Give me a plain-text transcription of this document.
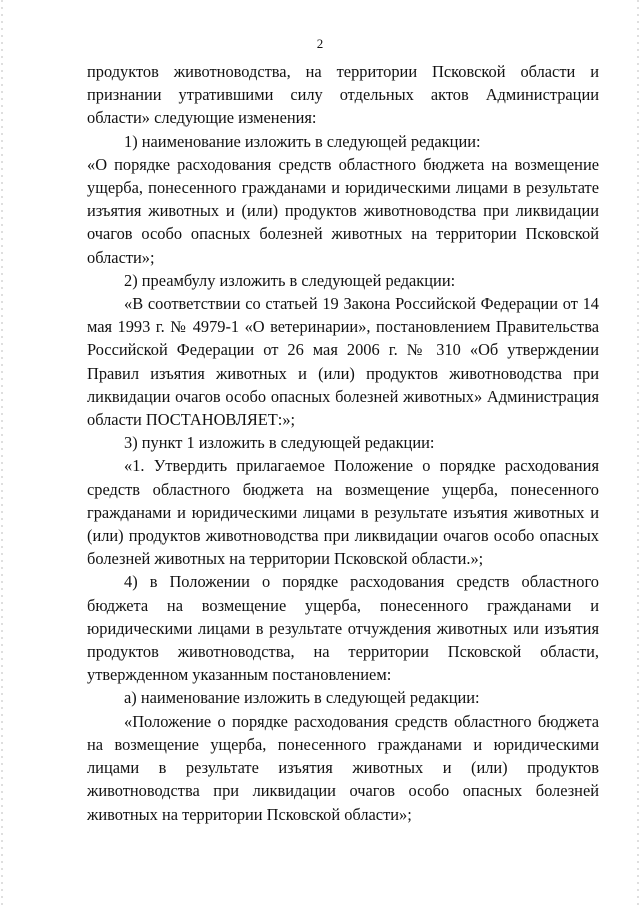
2

продуктов животноводства, на территории Псковской области и признании утратившими силу отдельных актов Администрации области» следующие изменения:

1) наименование изложить в следующей редакции:

«О порядке расходования средств областного бюджета на возмещение ущерба, понесенного гражданами и юридическими лицами в результате изъятия животных и (или) продуктов животноводства при ликвидации очагов особо опасных болезней животных на территории Псковской области»;

2) преамбулу изложить в следующей редакции:

«В соответствии со статьей 19 Закона Российской Федерации от 14 мая 1993 г. № 4979-1 «О ветеринарии», постановлением Правительства Российской Федерации от 26 мая 2006 г. № 310 «Об утверждении Правил изъятия животных и (или) продуктов животноводства при ликвидации очагов особо опасных болезней животных» Администрация области ПОСТАНОВЛЯЕТ:»;

3) пункт 1 изложить в следующей редакции:

«1. Утвердить прилагаемое Положение о порядке расходования средств областного бюджета на возмещение ущерба, понесенного гражданами и юридическими лицами в результате изъятия животных и (или) продуктов животноводства при ликвидации очагов особо опасных болезней животных на территории Псковской области.»;

4) в Положении о порядке расходования средств областного бюджета на возмещение ущерба, понесенного гражданами и юридическими лицами в результате отчуждения животных или изъятия продуктов животноводства, на территории Псковской области, утвержденном указанным постановлением:

а) наименование изложить в следующей редакции:

«Положение о порядке расходования средств областного бюджета на возмещение ущерба, понесенного гражданами и юридическими лицами в результате изъятия животных и (или) продуктов животноводства при ликвидации очагов особо опасных болезней животных на территории Псковской области»;
